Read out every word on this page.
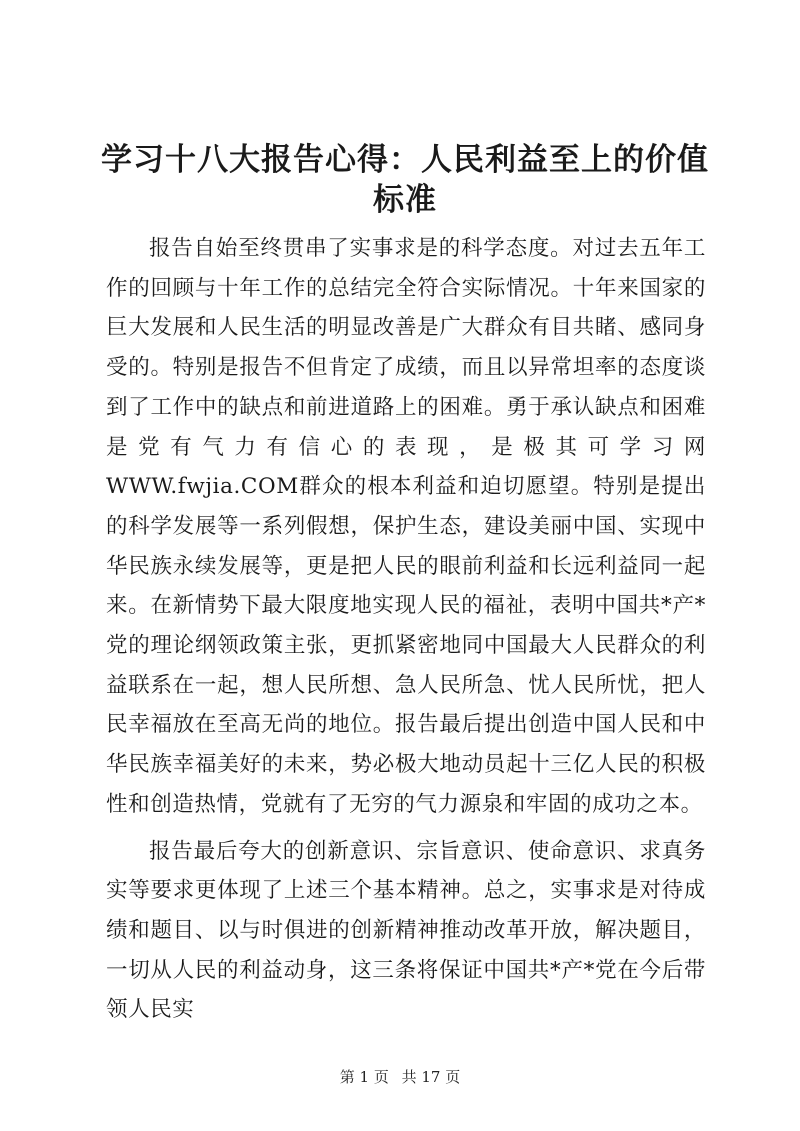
学习十八大报告心得：人民利益至上的价值标准

报告自始至终贯串了实事求是的科学态度。对过去五年工作的回顾与十年工作的总结完全符合实际情况。十年来国家的巨大发展和人民生活的明显改善是广大群众有目共睹、感同身受的。特别是报告不但肯定了成绩，而且以异常坦率的态度谈到了工作中的缺点和前进道路上的困难。勇于承认缺点和困难是党有气力有信心的表现，是极其可学习网WWW.fwjia.COM群众的根本利益和迫切愿望。特别是提出的科学发展等一系列假想，保护生态，建设美丽中国、实现中华民族永续发展等，更是把人民的眼前利益和长远利益同一起来。在新情势下最大限度地实现人民的福祉，表明中国共*产*党的理论纲领政策主张，更抓紧密地同中国最大人民群众的利益联系在一起，想人民所想、急人民所急、忧人民所忧，把人民幸福放在至高无尚的地位。报告最后提出创造中国人民和中华民族幸福美好的未来，势必极大地动员起十三亿人民的积极性和创造热情，党就有了无穷的气力源泉和牢固的成功之本。

报告最后夸大的创新意识、宗旨意识、使命意识、求真务实等要求更体现了上述三个基本精神。总之，实事求是对待成绩和题目、以与时俱进的创新精神推动改革开放，解决题目，一切从人民的利益动身，这三条将保证中国共*产*党在今后带领人民实

第 1 页 共 17 页
